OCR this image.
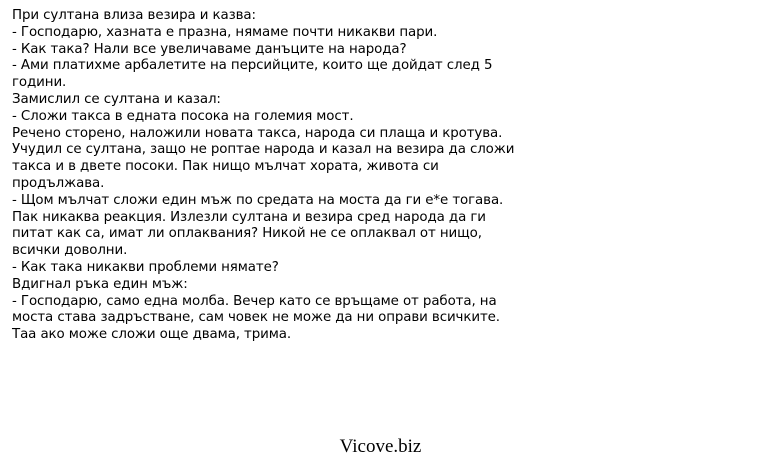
При султана влиза везира и казва:
- Господарю, хазната е празна, нямаме почти никакви пари.
- Как така? Нали все увеличаваме данъците на народа?
- Ами платихме арбалетите на персийците, които ще дойдат след 5
години.
Замислил се султана и казал:
- Сложи такса в едната посока на големия мост.
Речено сторено, наложили новата такса, народа си плаща и кротува.
Учудил се султана, защо не роптае народа и казал на везира да сложи
такса и в двете посоки. Пак нищо мълчат хората, живота си
продължава.
- Щом мълчат сложи един мъж по средата на моста да ги е*е тогава.
Пак никаква реакция. Излезли султана и везира сред народа да ги
питат как са, имат ли оплаквания? Никой не се оплаквал от нищо,
всички доволни.
- Как така никакви проблеми нямате?
Вдигнал ръка един мъж:
- Господарю, само една молба. Вечер като се връщаме от работа, на
моста става задръстване, сам човек не може да ни оправи всичките.
Таа ако може сложи още двама, трима.
Vicove.biz
